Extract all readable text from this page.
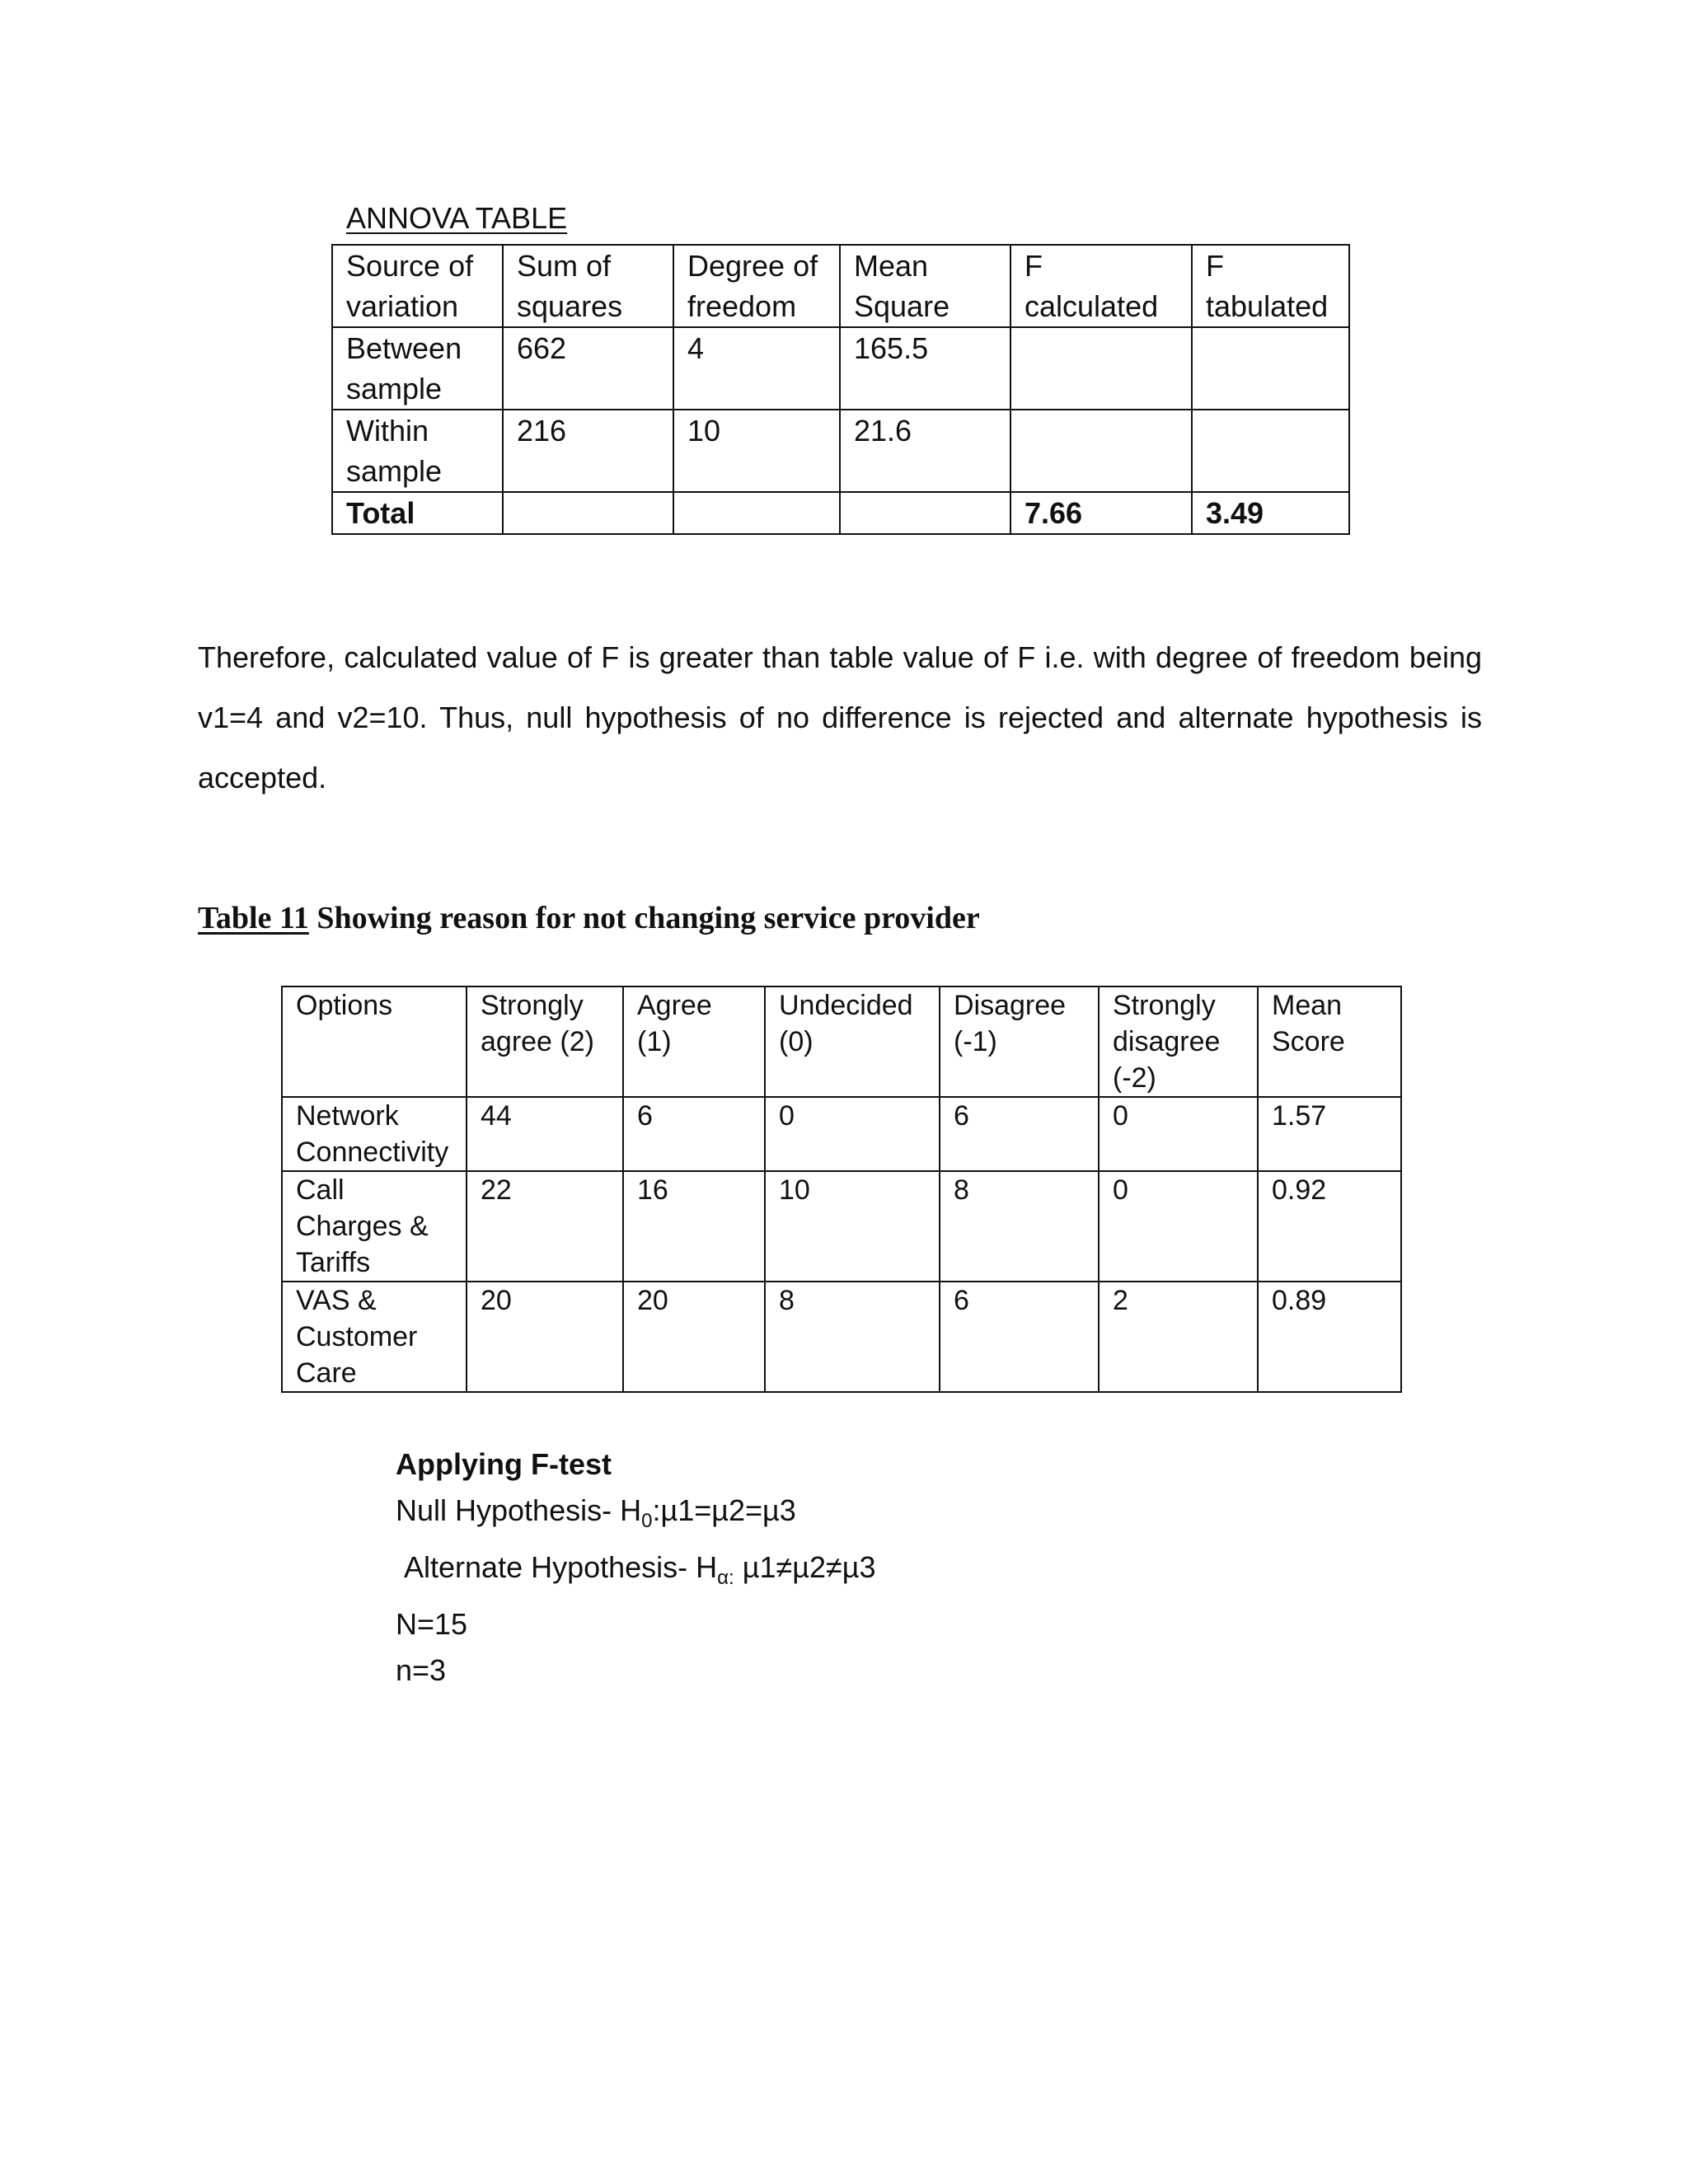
ANNOVA TABLE
Source of variation	Sum of squares	Degree of freedom	Mean Square	F calculated	F tabulated
Between sample	662	4	165.5		
Within sample	216	10	21.6		
Total				7.66	3.49

Therefore, calculated value of F is greater than table value of F i.e. with degree of freedom being v1=4 and v2=10. Thus, null hypothesis of no difference is rejected and alternate hypothesis is accepted.

Table 11 Showing reason for not changing service provider
Options	Strongly agree (2)	Agree (1)	Undecided (0)	Disagree (-1)	Strongly disagree (-2)	Mean Score
Network Connectivity	44	6	0	6	0	1.57
Call Charges & Tariffs	22	16	10	8	0	0.92
VAS & Customer Care	20	20	8	6	2	0.89
Applying F-test
Null Hypothesis- $H_0:\mu 1=\mu 2=\mu 3$
Alternate Hypothesis- $H_{\alpha:}$ µ1≠µ2≠µ3
N=15
n=3
